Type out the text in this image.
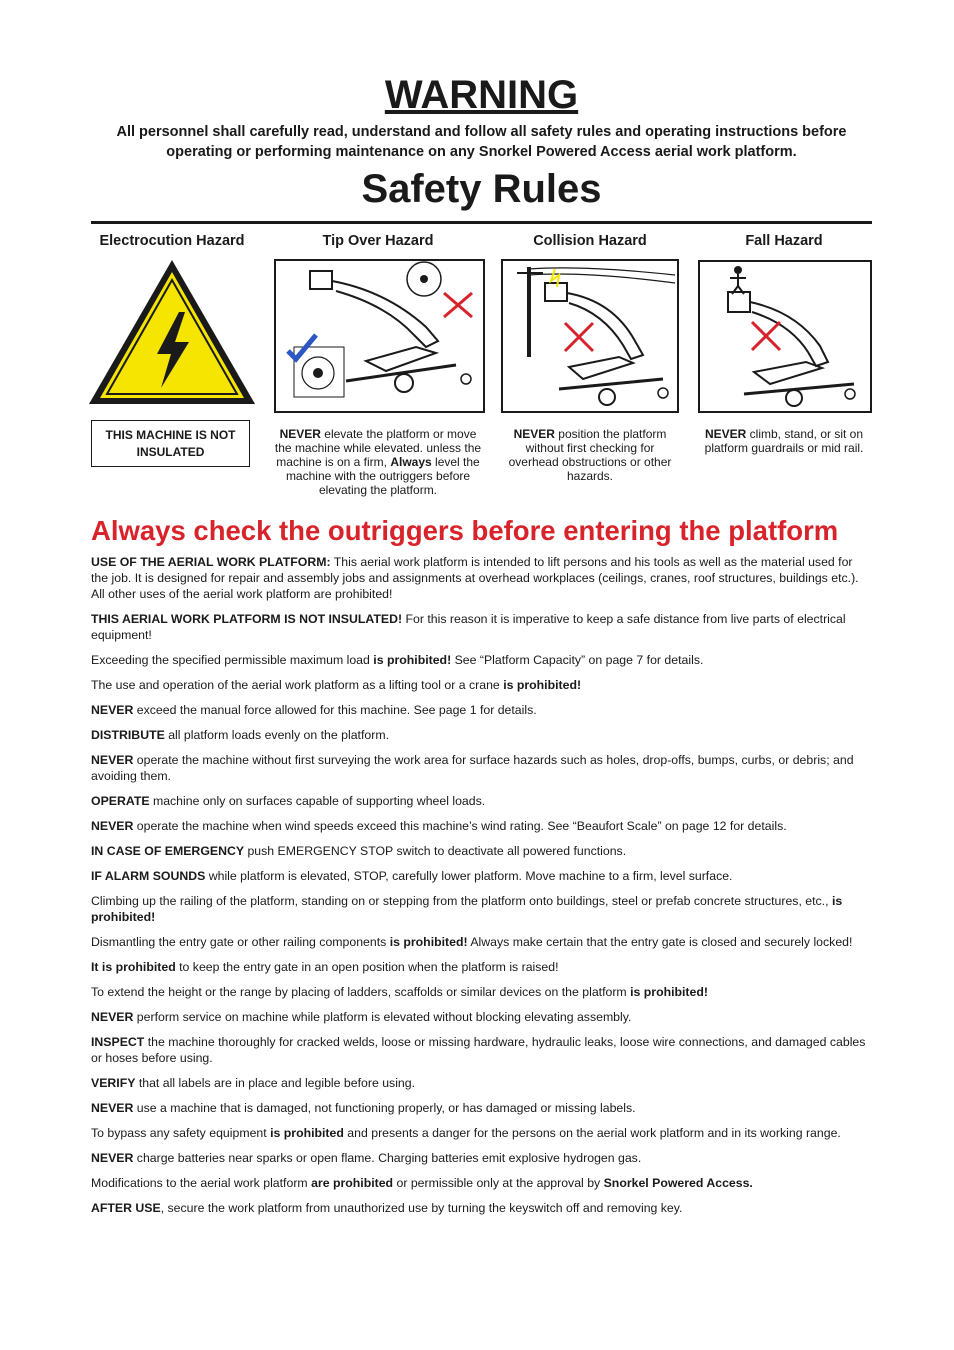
WARNING
All personnel shall carefully read, understand and follow all safety rules and operating instructions before operating or performing maintenance on any Snorkel Powered Access aerial work platform.
Safety Rules
Electrocution Hazard
THIS MACHINE IS NOT INSULATED
Tip Over Hazard
NEVER elevate the platform or move the machine while elevated. unless the machine is on a firm, Always level the machine with the outriggers before elevating the platform.
Collision Hazard
NEVER position the platform without first checking for overhead obstructions or other hazards.
Fall Hazard
NEVER climb, stand, or sit on platform guardrails or mid rail.
Always check the outriggers before entering the platform

USE OF THE AERIAL WORK PLATFORM: This aerial work platform is intended to lift persons and his tools as well as the material used for the job. It is designed for repair and assembly jobs and assignments at overhead workplaces (ceilings, cranes, roof structures, buildings etc.). All other uses of the aerial work platform are prohibited!

THIS AERIAL WORK PLATFORM IS NOT INSULATED! For this reason it is imperative to keep a safe distance from live parts of electrical equipment!

Exceeding the specified permissible maximum load is prohibited! See “Platform Capacity” on page 7 for details.

The use and operation of the aerial work platform as a lifting tool or a crane is prohibited!

NEVER exceed the manual force allowed for this machine. See page 1 for details.

DISTRIBUTE all platform loads evenly on the platform.

NEVER operate the machine without first surveying the work area for surface hazards such as holes, drop-offs, bumps, curbs, or debris; and avoiding them.

OPERATE machine only on surfaces capable of supporting wheel loads.

NEVER operate the machine when wind speeds exceed this machine’s wind rating. See “Beaufort Scale” on page 12 for details.

IN CASE OF EMERGENCY push EMERGENCY STOP switch to deactivate all powered functions.

IF ALARM SOUNDS while platform is elevated, STOP, carefully lower platform. Move machine to a firm, level surface.

Climbing up the railing of the platform, standing on or stepping from the platform onto buildings, steel or prefab concrete structures, etc., is prohibited!

Dismantling the entry gate or other railing components is prohibited! Always make certain that the entry gate is closed and securely locked!

It is prohibited to keep the entry gate in an open position when the platform is raised!

To extend the height or the range by placing of ladders, scaffolds or similar devices on the platform is prohibited!

NEVER perform service on machine while platform is elevated without blocking elevating assembly.

INSPECT the machine thoroughly for cracked welds, loose or missing hardware, hydraulic leaks, loose wire connections, and damaged cables or hoses before using.

VERIFY that all labels are in place and legible before using.

NEVER use a machine that is damaged, not functioning properly, or has damaged or missing labels.

To bypass any safety equipment is prohibited and presents a danger for the persons on the aerial work platform and in its working range.

NEVER charge batteries near sparks or open flame. Charging batteries emit explosive hydrogen gas.

Modifications to the aerial work platform are prohibited or permissible only at the approval by Snorkel Powered Access.

AFTER USE, secure the work platform from unauthorized use by turning the keyswitch off and removing key.
